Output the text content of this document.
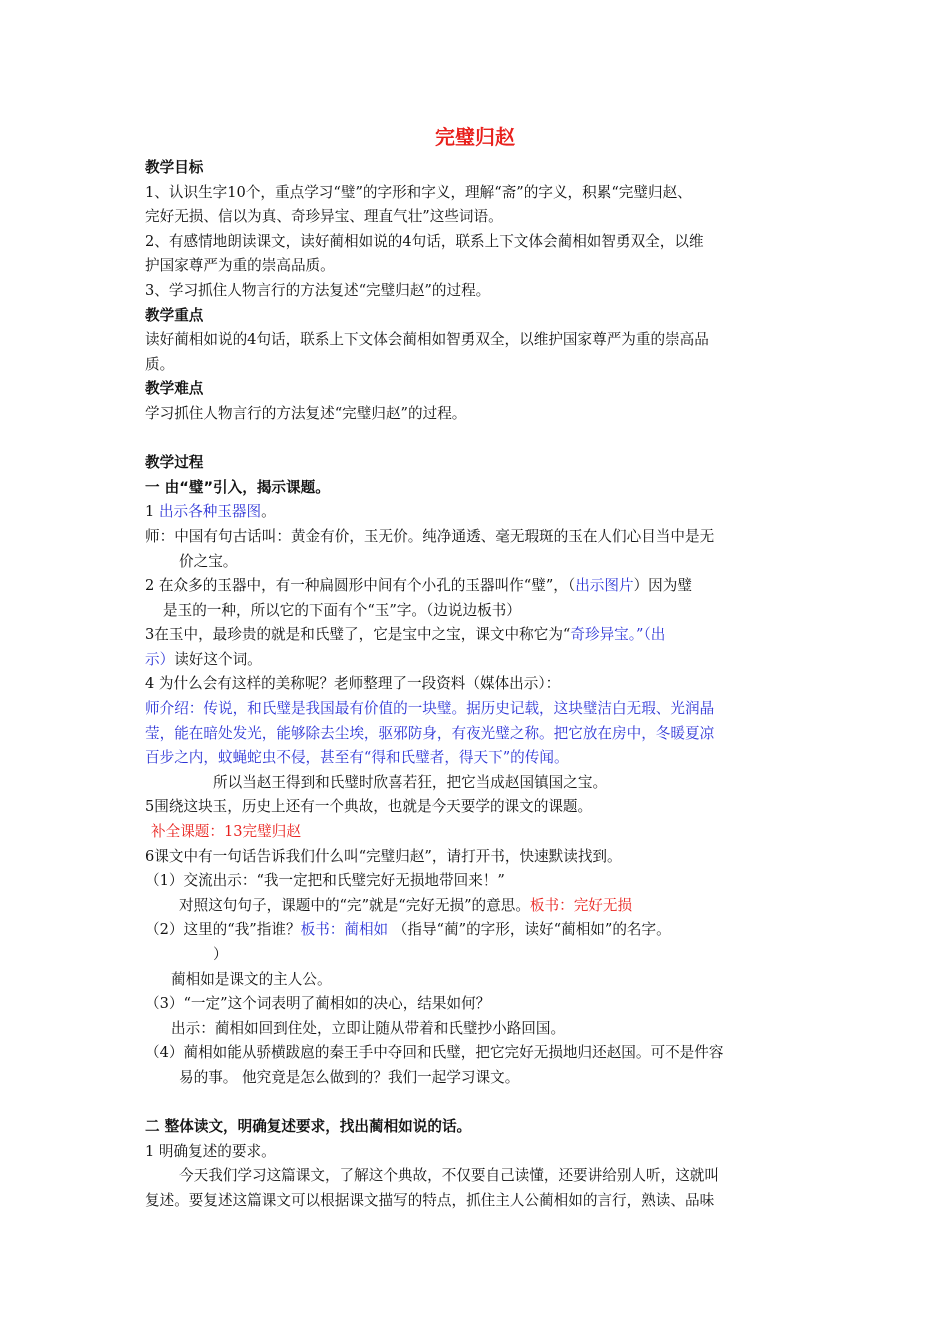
完璧归赵
教学目标
1、认识生字10个，重点学习“璧”的字形和字义，理解“斋”的字义，积累“完璧归赵、
完好无损、信以为真、奇珍异宝、理直气壮”这些词语。
2、有感情地朗读课文，读好蔺相如说的4句话，联系上下文体会蔺相如智勇双全，以维
护国家尊严为重的崇高品质。
3、学习抓住人物言行的方法复述“完璧归赵”的过程。
教学重点
读好蔺相如说的4句话，联系上下文体会蔺相如智勇双全，以维护国家尊严为重的崇高品
质。
教学难点
学习抓住人物言行的方法复述“完璧归赵”的过程。
教学过程
一 由“璧”引入，揭示课题。
1 出示各种玉器图。
师：中国有句古话叫：黄金有价，玉无价。纯净通透、毫无瑕斑的玉在人们心目当中是无
价之宝。
2 在众多的玉器中，有一种扁圆形中间有个小孔的玉器叫作“璧”，（出示图片）因为璧
是玉的一种，所以它的下面有个“玉”字。（边说边板书）
3在玉中，最珍贵的就是和氏璧了，它是宝中之宝，课文中称它为“奇珍异宝。”（出
示）读好这个词。
4 为什么会有这样的美称呢？老师整理了一段资料（媒体出示）：
师介绍：传说，和氏璧是我国最有价值的一块璧。据历史记载，这块璧洁白无瑕、光润晶
莹，能在暗处发光，能够除去尘埃，驱邪防身，有夜光璧之称。把它放在房中，冬暖夏凉
百步之内，蚊蝇蛇虫不侵，甚至有“得和氏璧者，得天下”的传闻。
所以当赵王得到和氏璧时欣喜若狂，把它当成赵国镇国之宝。
5围绕这块玉，历史上还有一个典故，也就是今天要学的课文的课题。
补全课题：13完璧归赵
6课文中有一句话告诉我们什么叫“完璧归赵”，请打开书，快速默读找到。
（1）交流出示：“我一定把和氏璧完好无损地带回来！”
对照这句句子，课题中的“完”就是“完好无损”的意思。板书：完好无损
（2）这里的“我”指谁？板书：蔺相如 （指导“蔺”的字形，读好“蔺相如”的名字。
）
蔺相如是课文的主人公。
（3）“一定”这个词表明了蔺相如的决心，结果如何？
出示：蔺相如回到住处，立即让随从带着和氏璧抄小路回国。
（4）蔺相如能从骄横跋扈的秦王手中夺回和氏璧，把它完好无损地归还赵国。可不是件容
易的事。 他究竟是怎么做到的？我们一起学习课文。
二 整体读文，明确复述要求，找出蔺相如说的话。
1 明确复述的要求。
今天我们学习这篇课文，了解这个典故，不仅要自己读懂，还要讲给别人听，这就叫
复述。要复述这篇课文可以根据课文描写的特点，抓住主人公蔺相如的言行，熟读、品味
